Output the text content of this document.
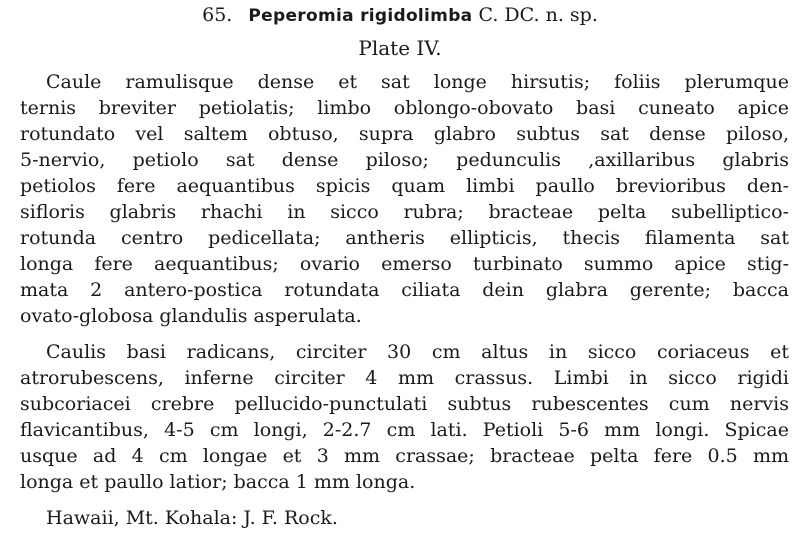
65. Peperomia rigidolimba C. DC. n. sp.
Plate IV.
Caule ramulisque dense et sat longe hirsutis; foliis plerumque
ternis breviter petiolatis; limbo oblongo-obovato basi cuneato apice
rotundato vel saltem obtuso, supra glabro subtus sat dense piloso,
5-nervio, petiolo sat dense piloso; pedunculis ,axillaribus glabris
petiolos fere aequantibus spicis quam limbi paullo brevioribus den-
sifloris glabris rhachi in sicco rubra; bracteae pelta subelliptico-
rotunda centro pedicellata; antheris ellipticis, thecis filamenta sat
longa fere aequantibus; ovario emerso turbinato summo apice stig-
mata 2 antero-postica rotundata ciliata dein glabra gerente; bacca
ovato-globosa glandulis asperulata.
Caulis basi radicans, circiter 30 cm altus in sicco coriaceus et
atrorubescens, inferne circiter 4 mm crassus. Limbi in sicco rigidi
subcoriacei crebre pellucido-punctulati subtus rubescentes cum nervis
flavicantibus, 4-5 cm longi, 2-2.7 cm lati. Petioli 5-6 mm longi. Spicae
usque ad 4 cm longae et 3 mm crassae; bracteae pelta fere 0.5 mm
longa et paullo latior; bacca 1 mm longa.
Hawaii, Mt. Kohala: J. F. Rock.
